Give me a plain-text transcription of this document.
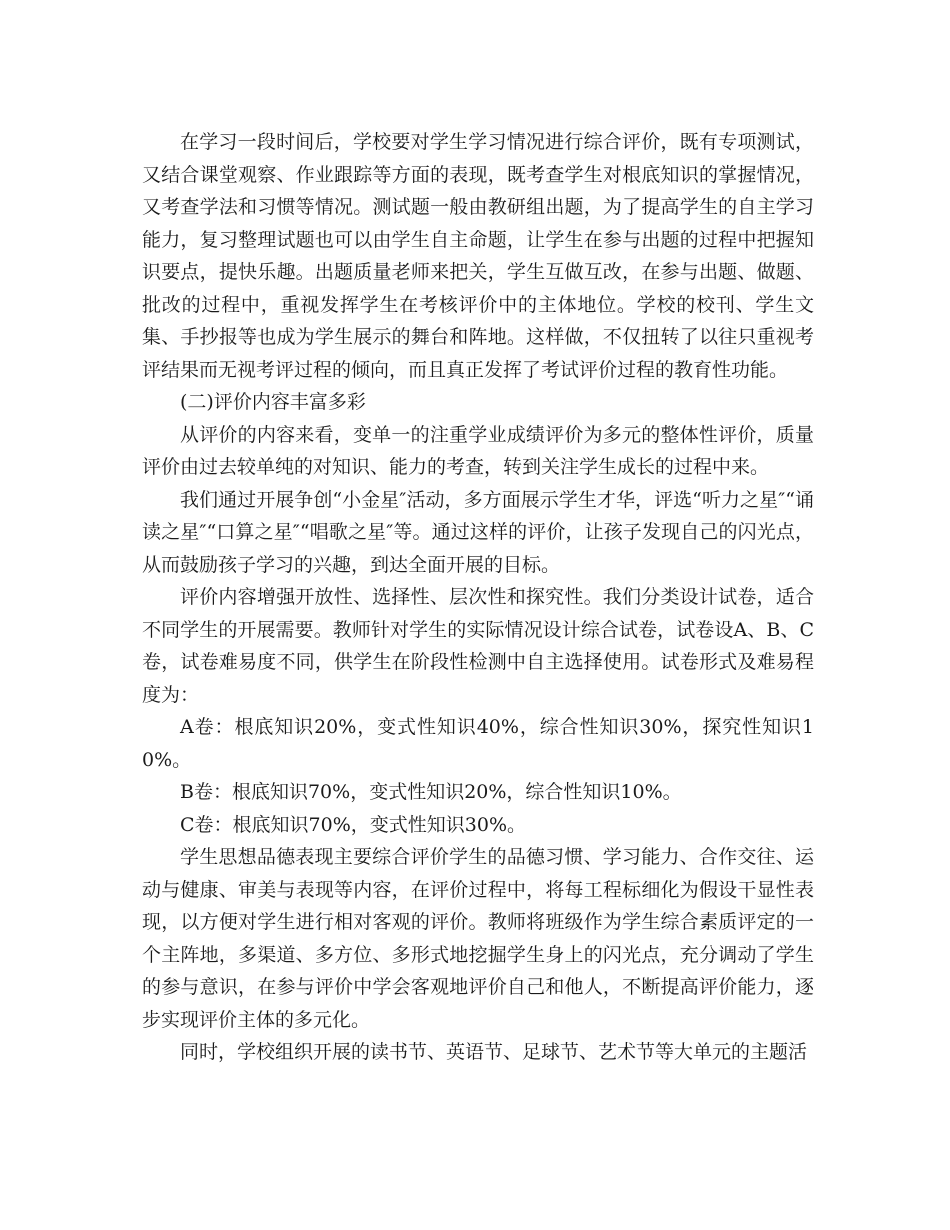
在学习一段时间后，学校要对学生学习情况进行综合评价，既有专项测试，又结合课堂观察、作业跟踪等方面的表现，既考查学生对根底知识的掌握情况，又考查学法和习惯等情况。测试题一般由教研组出题，为了提高学生的自主学习能力，复习整理试题也可以由学生自主命题，让学生在参与出题的过程中把握知识要点，提快乐趣。出题质量老师来把关，学生互做互改，在参与出题、做题、批改的过程中，重视发挥学生在考核评价中的主体地位。学校的校刊、学生文集、手抄报等也成为学生展示的舞台和阵地。这样做，不仅扭转了以往只重视考评结果而无视考评过程的倾向，而且真正发挥了考试评价过程的教育性功能。

(二)评价内容丰富多彩

从评价的内容来看，变单一的注重学业成绩评价为多元的整体性评价，质量评价由过去较单纯的对知识、能力的考查，转到关注学生成长的过程中来。

我们通过开展争创“小金星″活动，多方面展示学生才华，评选“听力之星″“诵读之星″“口算之星″“唱歌之星″等。通过这样的评价，让孩子发现自己的闪光点，从而鼓励孩子学习的兴趣，到达全面开展的目标。

评价内容增强开放性、选择性、层次性和探究性。我们分类设计试卷，适合不同学生的开展需要。教师针对学生的实际情况设计综合试卷，试卷设A、B、C卷，试卷难易度不同，供学生在阶段性检测中自主选择使用。试卷形式及难易程度为：

A卷：根底知识20%，变式性知识40%，综合性知识30%，探究性知识10%。

B卷：根底知识70%，变式性知识20%，综合性知识10%。

C卷：根底知识70%，变式性知识30%。

学生思想品德表现主要综合评价学生的品德习惯、学习能力、合作交往、运动与健康、审美与表现等内容，在评价过程中，将每工程标细化为假设干显性表现，以方便对学生进行相对客观的评价。教师将班级作为学生综合素质评定的一个主阵地，多渠道、多方位、多形式地挖掘学生身上的闪光点，充分调动了学生的参与意识，在参与评价中学会客观地评价自己和他人，不断提高评价能力，逐步实现评价主体的多元化。

同时，学校组织开展的读书节、英语节、足球节、艺术节等大单元的主题活
